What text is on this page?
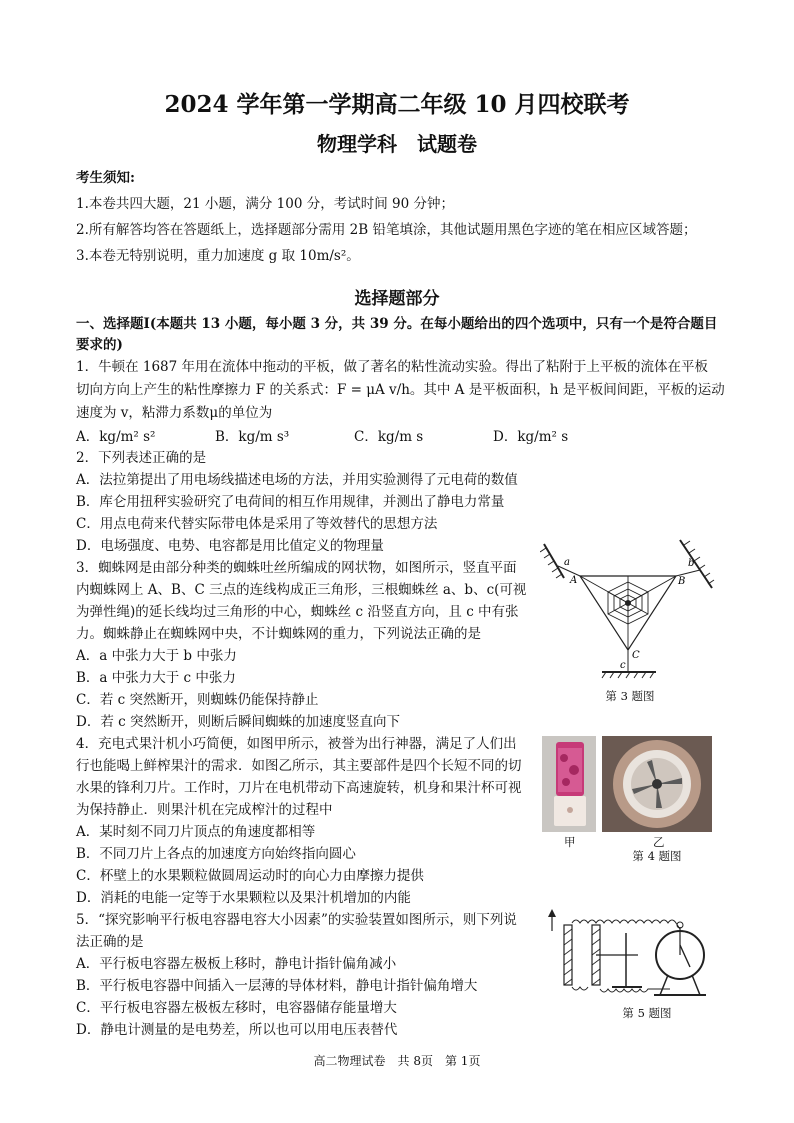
2024 学年第一学期高二年级 10 月四校联考
物理学科　试题卷
考生须知:
1.本卷共四大题，21 小题，满分 100 分，考试时间 90 分钟；
2.所有解答均答在答题纸上，选择题部分需用 2B 铅笔填涂，其他试题用黑色字迹的笔在相应区域答题；
3.本卷无特别说明，重力加速度 g 取 10m/s²。
选择题部分
一、选择题Ⅰ(本题共 13 小题，每小题 3 分，共 39 分。在每小题给出的四个选项中，只有一个是符合题目
要求的)
1．牛顿在 1687 年用在流体中拖动的平板，做了著名的粘性流动实验。得出了粘附于上平板的流体在平板
切向方向上产生的粘性摩擦力 F 的关系式：F = μA v/h。其中 A 是平板面积，h 是平板间间距，平板的运动
速度为 v，粘滞力系数μ的单位为
A．kg/m² s²	B．kg/m s³	C．kg/m s	D．kg/m² s
2．下列表述正确的是
A．法拉第提出了用电场线描述电场的方法，并用实验测得了元电荷的数值
B．库仑用扭秤实验研究了电荷间的相互作用规律，并测出了静电力常量
C．用点电荷来代替实际带电体是采用了等效替代的思想方法
D．电场强度、电势、电容都是用比值定义的物理量
3．蜘蛛网是由部分种类的蜘蛛吐丝所编成的网状物，如图所示，竖直平面
内蜘蛛网上 A、B、C 三点的连线构成正三角形，三根蜘蛛丝 a、b、c(可视
为弹性绳)的延长线均过三角形的中心，蜘蛛丝 c 沿竖直方向，且 c 中有张
力。蜘蛛静止在蜘蛛网中央，不计蜘蛛网的重力，下列说法正确的是
A．a 中张力大于 b 中张力
B．a 中张力大于 c 中张力
C．若 c 突然断开，则蜘蛛仍能保持静止
D．若 c 突然断开，则断后瞬间蜘蛛的加速度竖直向下
a
A
b
B
C
c
第 3 题图
4．充电式果汁机小巧简便，如图甲所示，被誉为出行神器，满足了人们出
行也能喝上鲜榨果汁的需求．如图乙所示，其主要部件是四个长短不同的切
水果的锋利刀片。工作时，刀片在电机带动下高速旋转，机身和果汁杯可视
为保持静止．则果汁机在完成榨汁的过程中
A．某时刻不同刀片顶点的角速度都相等
B．不同刀片上各点的加速度方向始终指向圆心
C．杯壁上的水果颗粒做圆周运动时的向心力由摩擦力提供
D．消耗的电能一定等于水果颗粒以及果汁机增加的内能
甲	乙
第 4 题图
5．“探究影响平行板电容器电容大小因素”的实验装置如图所示，则下列说
法正确的是
A．平行板电容器左极板上移时，静电计指针偏角减小
B．平行板电容器中间插入一层薄的导体材料，静电计指针偏角增大
C．平行板电容器左极板左移时，电容器储存能量增大
D．静电计测量的是电势差，所以也可以用电压表替代
第 5 题图
高二物理试卷　共 8页　第 1页
